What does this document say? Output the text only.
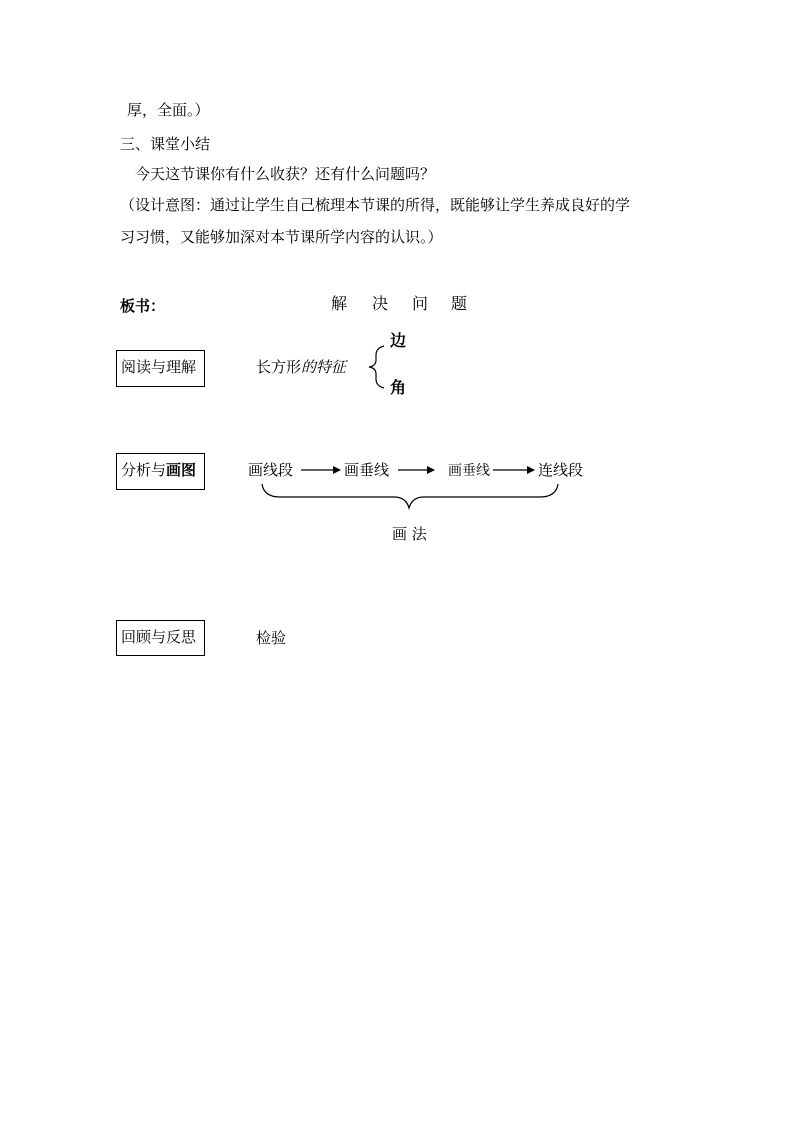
厚，全面。）
三、课堂小结
今天这节课你有什么收获？还有什么问题吗？
（设计意图：通过让学生自己梳理本节课的所得，既能够让学生养成良好的学
习习惯，又能够加深对本节课所学内容的认识。）
板书：	解 决 问 题
阅读与理解	长方形的特征
边
角
分析与画图	画线段	画垂线	画垂线	连线段
画 法
回顾与反思	检验
